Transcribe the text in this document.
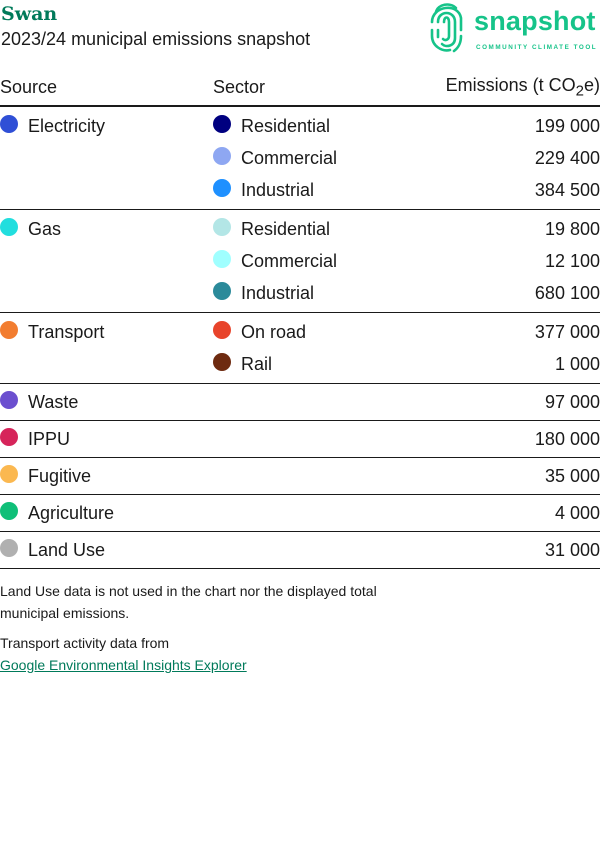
Swan
2023/24 municipal emissions snapshot
snapshot
COMMUNITY CLIMATE TOOL
Source	Sector	Emissions (t $CO_2e$)
Electricity	Residential	199 000
	Commercial	229 400
	Industrial	384 500
Gas	Residential	19 800
	Commercial	12 100
	Industrial	680 100
Transport	On road	377 000
	Rail	1 000
Waste		97 000
IPPU		180 000
Fugitive		35 000
Agriculture		4 000
Land Use		31 000

Land Use data is not used in the chart nor the displayed total municipal emissions.

Transport activity data from
Google Environmental Insights Explorer
